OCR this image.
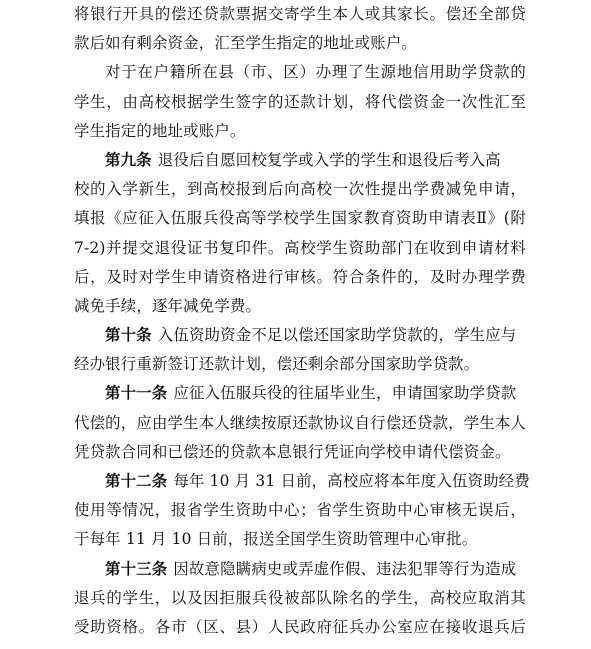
将银行开具的偿还贷款票据交寄学生本人或其家长。偿还全部贷
款后如有剩余资金，汇至学生指定的地址或账户。
对于在户籍所在县（市、区）办理了生源地信用助学贷款的
学生，由高校根据学生签字的还款计划，将代偿资金一次性汇至
学生指定的地址或账户。
第九条 退役后自愿回校复学或入学的学生和退役后考入高
校的入学新生，到高校报到后向高校一次性提出学费减免申请，
填报《应征入伍服兵役高等学校学生国家教育资助申请表Ⅱ》(附
7-2)并提交退役证书复印件。高校学生资助部门在收到申请材料
后，及时对学生申请资格进行审核。符合条件的，及时办理学费
减免手续，逐年减免学费。
第十条 入伍资助资金不足以偿还国家助学贷款的，学生应与
经办银行重新签订还款计划，偿还剩余部分国家助学贷款。
第十一条 应征入伍服兵役的往届毕业生，申请国家助学贷款
代偿的，应由学生本人继续按原还款协议自行偿还贷款，学生本人
凭贷款合同和已偿还的贷款本息银行凭证向学校申请代偿资金。
第十二条 每年 10 月 31 日前，高校应将本年度入伍资助经费
使用等情况，报省学生资助中心；省学生资助中心审核无误后，
于每年 11 月 10 日前，报送全国学生资助管理中心审批。
第十三条 因故意隐瞒病史或弄虚作假、违法犯罪等行为造成
退兵的学生，以及因拒服兵役被部队除名的学生，高校应取消其
受助资格。各市（区、县）人民政府征兵办公室应在接收退兵后
